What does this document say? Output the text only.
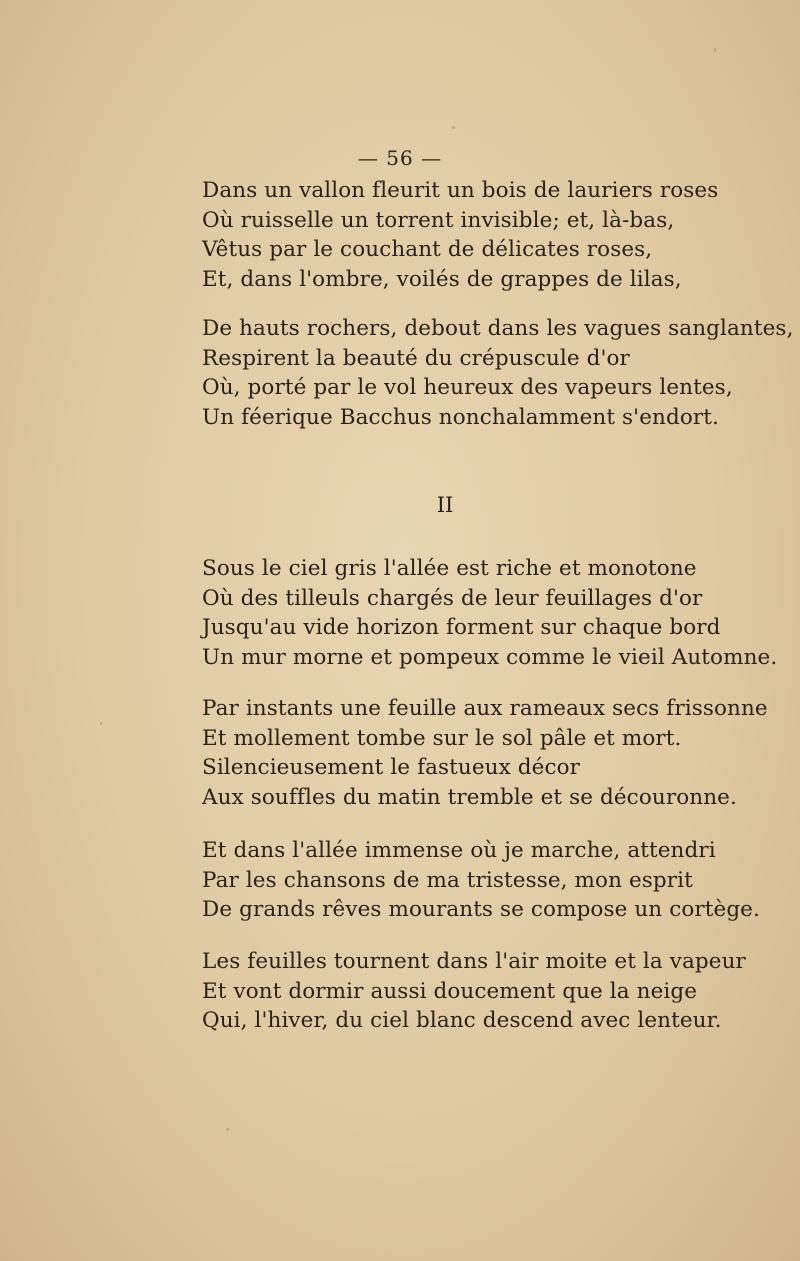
— 56 —
Dans un vallon fleurit un bois de lauriers roses
Où ruisselle un torrent invisible; et, là-bas,
Vêtus par le couchant de délicates roses,
Et, dans l'ombre, voilés de grappes de lilas,
De hauts rochers, debout dans les vagues sanglantes,
Respirent la beauté du crépuscule d'or
Où, porté par le vol heureux des vapeurs lentes,
Un féerique Bacchus nonchalamment s'endort.
II
Sous le ciel gris l'allée est riche et monotone
Où des tilleuls chargés de leur feuillages d'or
Jusqu'au vide horizon forment sur chaque bord
Un mur morne et pompeux comme le vieil Automne.
Par instants une feuille aux rameaux secs frissonne
Et mollement tombe sur le sol pâle et mort.
Silencieusement le fastueux décor
Aux souffles du matin tremble et se découronne.
Et dans l'allée immense où je marche, attendri
Par les chansons de ma tristesse, mon esprit
De grands rêves mourants se compose un cortège.
Les feuilles tournent dans l'air moite et la vapeur
Et vont dormir aussi doucement que la neige
Qui, l'hiver, du ciel blanc descend avec lenteur.
